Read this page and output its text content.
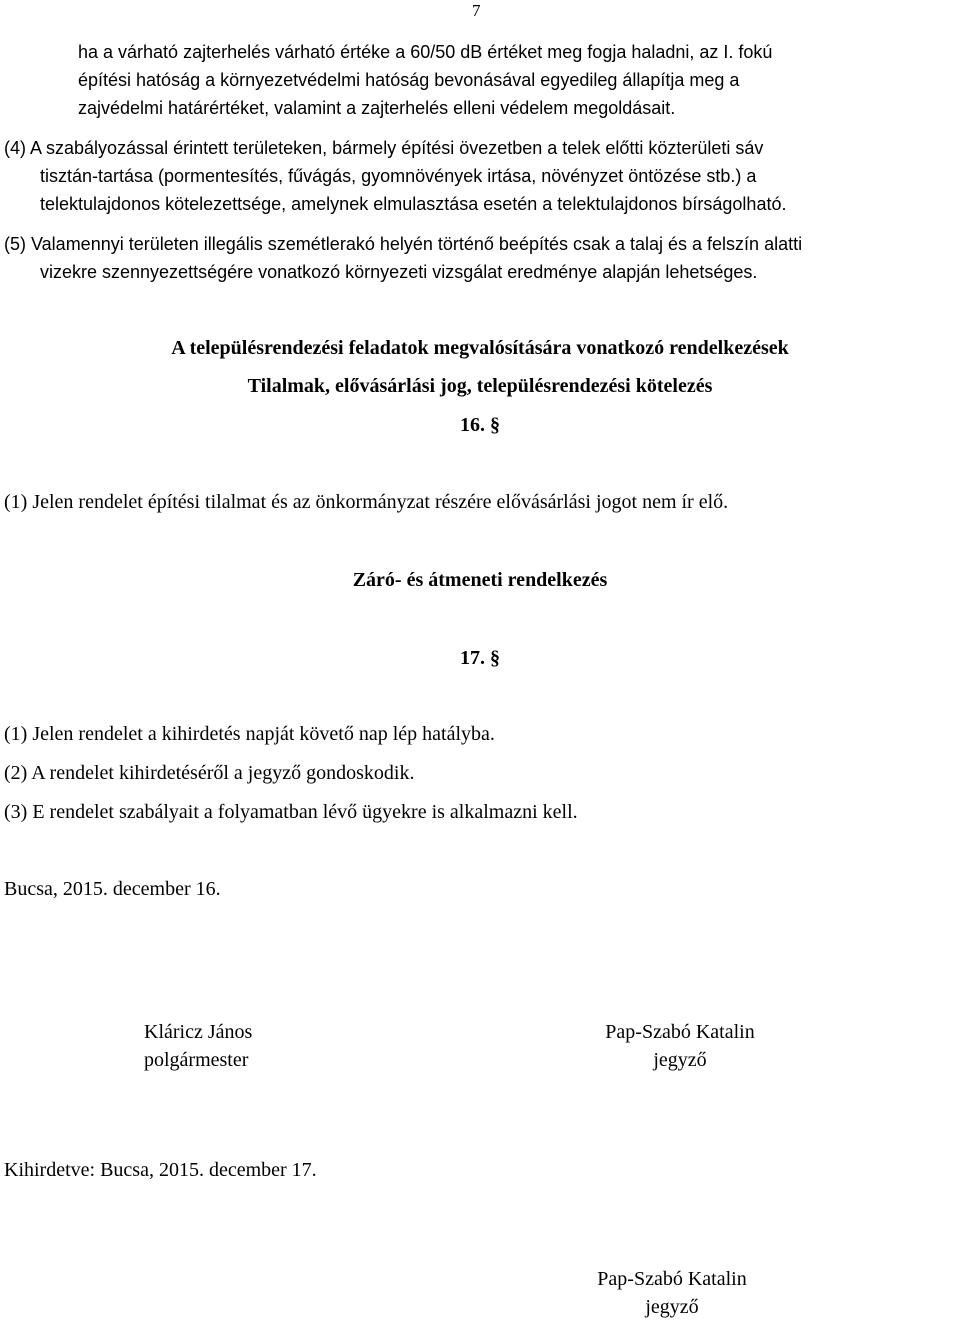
7
ha a várható zajterhelés várható értéke a 60/50 dB értéket meg fogja haladni, az I. fokú
építési hatóság a környezetvédelmi hatóság bevonásával egyedileg állapítja meg a
zajvédelmi határértéket, valamint a zajterhelés elleni védelem megoldásait.
(4) A szabályozással érintett területeken, bármely építési övezetben a telek előtti közterületi sáv
tisztán-tartása (pormentesítés, fűvágás, gyomnövények irtása, növényzet öntözése stb.) a
telektulajdonos kötelezettsége, amelynek elmulasztása esetén a telektulajdonos bírságolható.
(5) Valamennyi területen illegális szemétlerakó helyén történő beépítés csak a talaj és a felszín alatti
vizekre szennyezettségére vonatkozó környezeti vizsgálat eredménye alapján lehetséges.
A településrendezési feladatok megvalósítására vonatkozó rendelkezések
Tilalmak, elővásárlási jog, településrendezési kötelezés
16. §
(1) Jelen rendelet építési tilalmat és az önkormányzat részére elővásárlási jogot nem ír elő.
Záró- és átmeneti rendelkezés
17. §
(1) Jelen rendelet a kihirdetés napját követő nap lép hatályba.
(2) A rendelet kihirdetéséről a jegyző gondoskodik.
(3) E rendelet szabályait a folyamatban lévő ügyekre is alkalmazni kell.
Bucsa, 2015. december 16.
Kláricz János
polgármester
Pap-Szabó Katalin
jegyző
Kihirdetve: Bucsa, 2015. december 17.
Pap-Szabó Katalin
jegyző
